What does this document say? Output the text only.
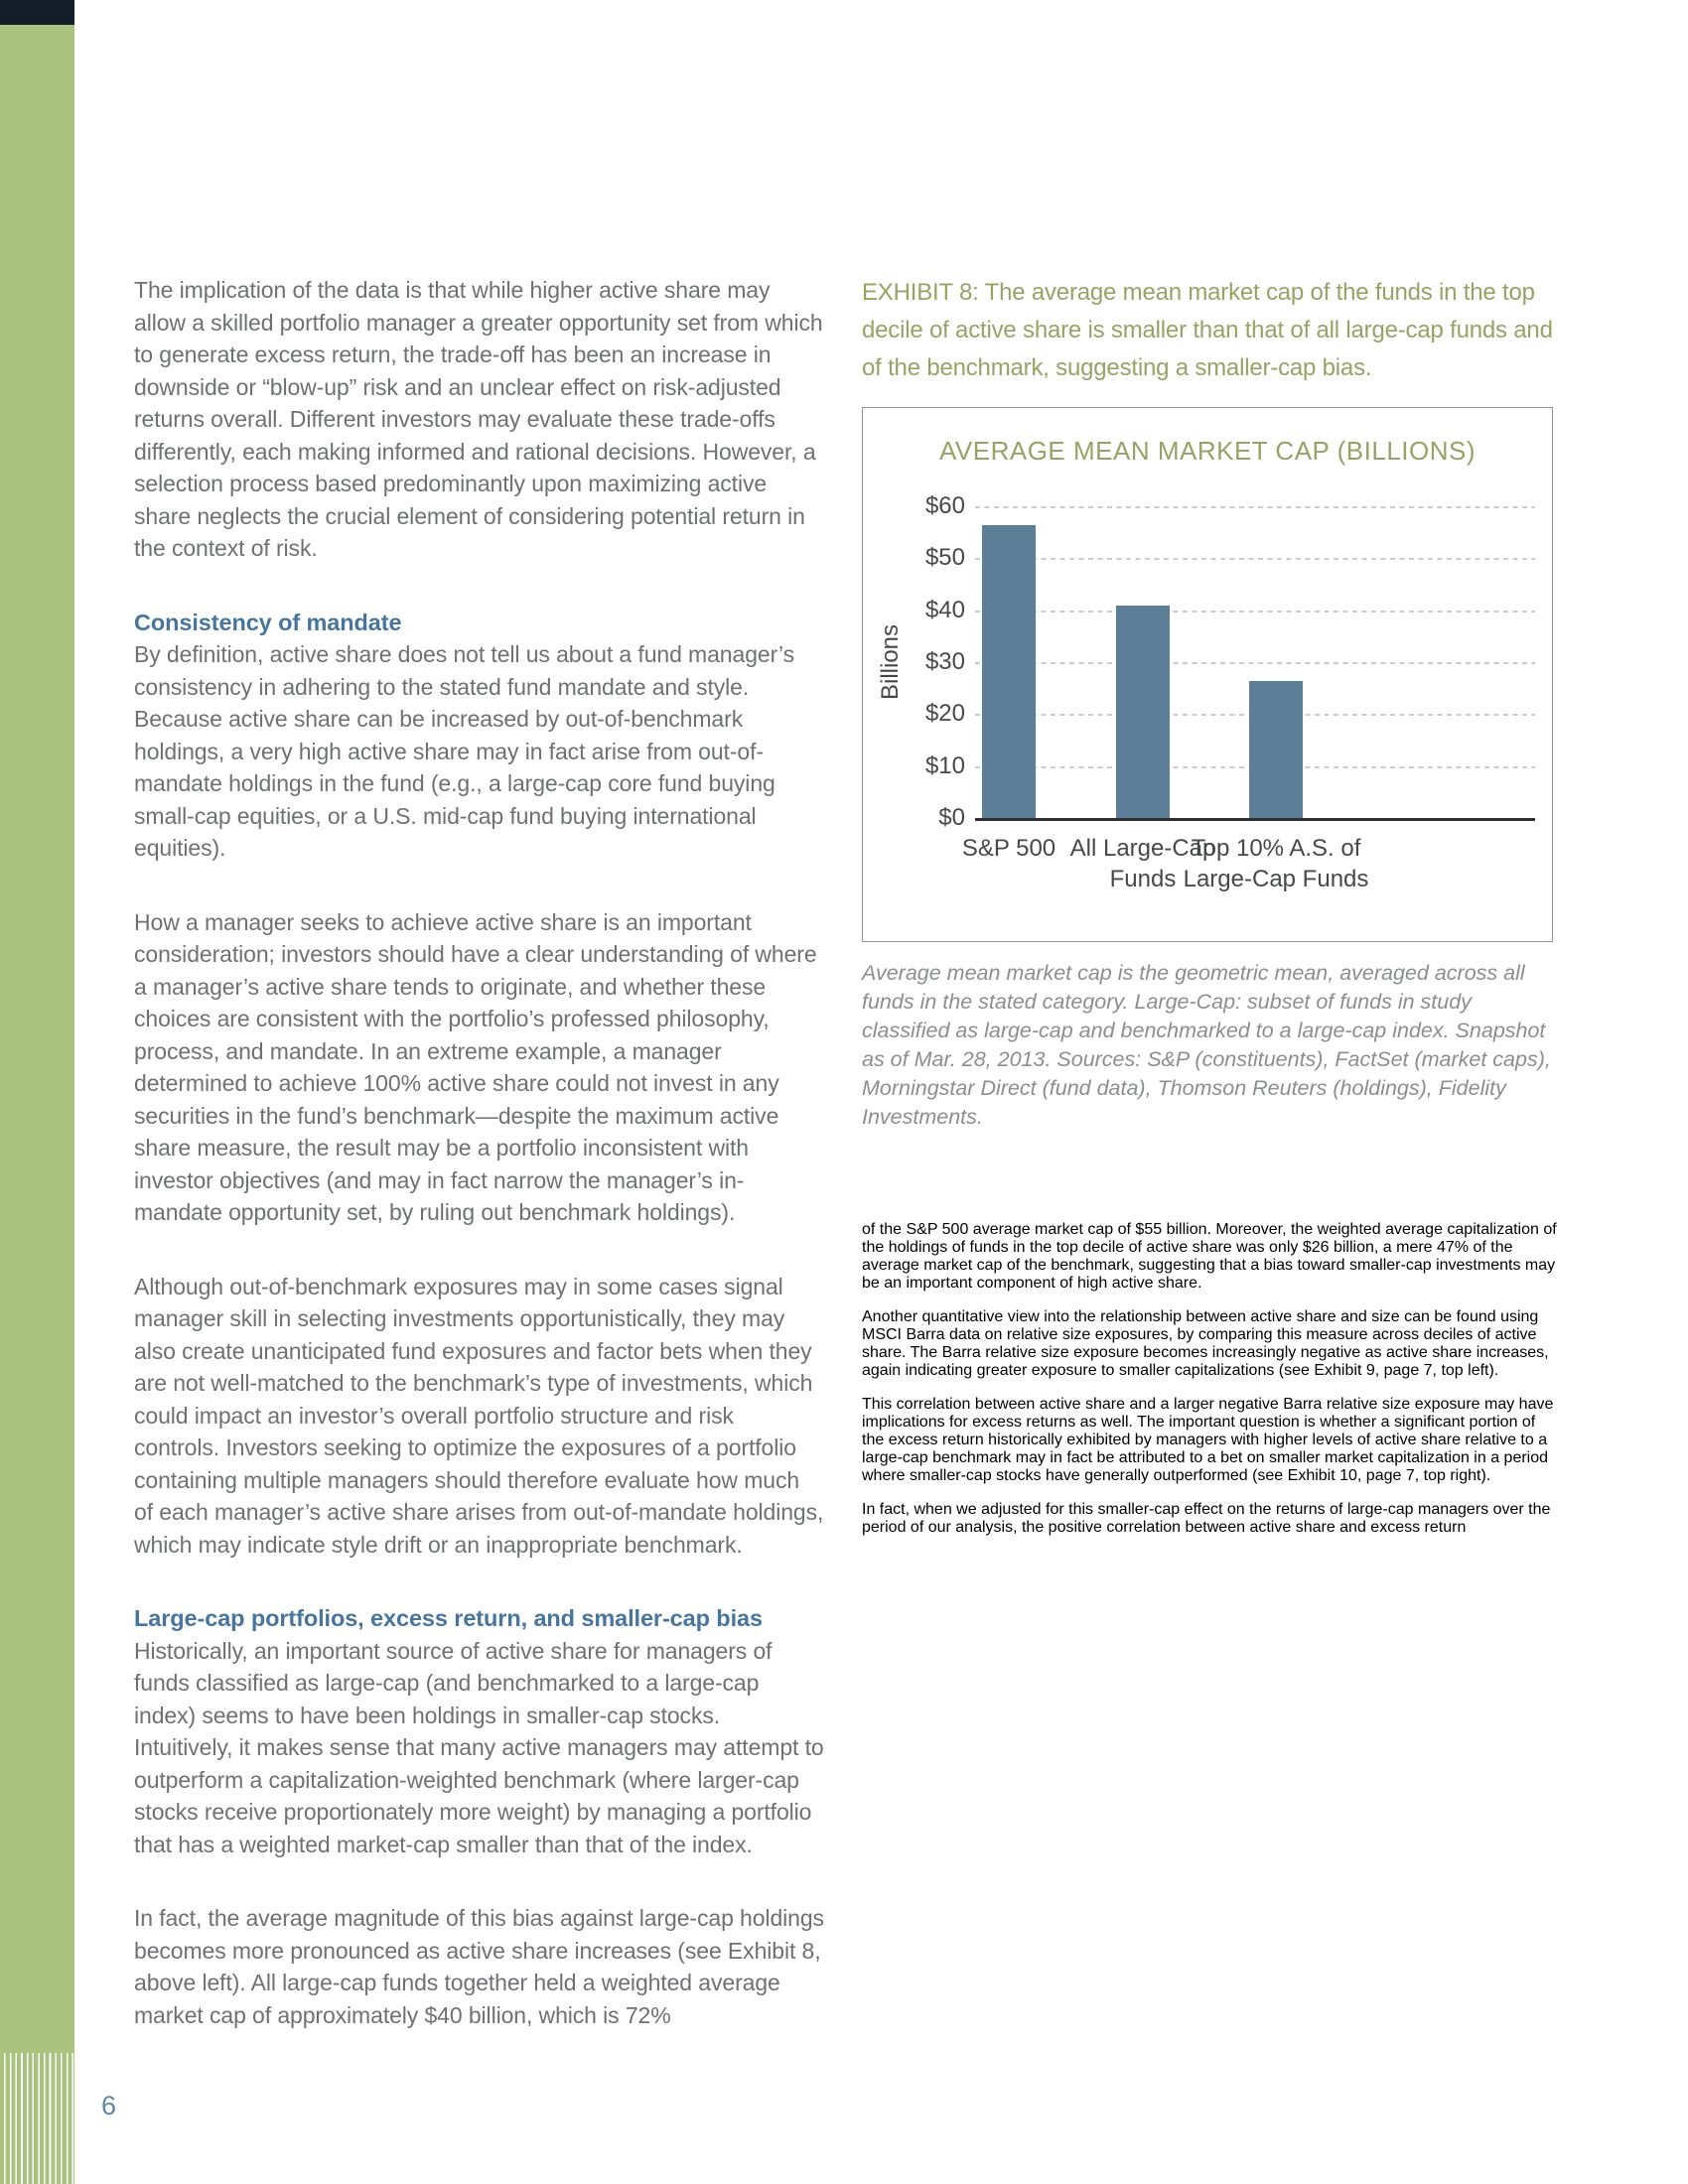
6

The implication of the data is that while higher active share may allow a skilled portfolio manager a greater opportunity set from which to generate excess return, the trade-off has been an increase in downside or “blow-up” risk and an unclear effect on risk-adjusted returns overall. Different investors may evaluate these trade-offs differently, each making informed and rational decisions. However, a selection process based predominantly upon maximizing active share neglects the crucial element of considering potential return in the context of risk.

Consistency of mandate

By definition, active share does not tell us about a fund manager’s consistency in adhering to the stated fund mandate and style. Because active share can be increased by out-of-benchmark holdings, a very high active share may in fact arise from out-of-mandate holdings in the fund (e.g., a large-cap core fund buying small-cap equities, or a U.S. mid-cap fund buying international equities).

How a manager seeks to achieve active share is an important consideration; investors should have a clear understanding of where a manager’s active share tends to originate, and whether these choices are consistent with the portfolio’s professed philosophy, process, and mandate. In an extreme example, a manager determined to achieve 100% active share could not invest in any securities in the fund’s benchmark—despite the maximum active share measure, the result may be a portfolio inconsistent with investor objectives (and may in fact narrow the manager’s in-mandate opportunity set, by ruling out benchmark holdings).

Although out-of-benchmark exposures may in some cases signal manager skill in selecting investments opportunistically, they may also create unanticipated fund exposures and factor bets when they are not well-matched to the benchmark’s type of investments, which could impact an investor’s overall portfolio structure and risk controls. Investors seeking to optimize the exposures of a portfolio containing multiple managers should therefore evaluate how much of each manager’s active share arises from out-of-mandate holdings, which may indicate style drift or an inappropriate benchmark.

Large-cap portfolios, excess return, and smaller-cap bias

Historically, an important source of active share for managers of funds classified as large-cap (and benchmarked to a large-cap index) seems to have been holdings in smaller-cap stocks. Intuitively, it makes sense that many active managers may attempt to outperform a capitalization-weighted benchmark (where larger-cap stocks receive proportionately more weight) by managing a portfolio that has a weighted market-cap smaller than that of the index.

In fact, the average magnitude of this bias against large-cap holdings becomes more pronounced as active share increases (see Exhibit 8, above left). All large-cap funds together held a weighted average market cap of approximately $40 billion, which is 72%

EXHIBIT 8: The average mean market cap of the funds in the top decile of active share is smaller than that of all large-cap funds and of the benchmark, suggesting a smaller-cap bias.
AVERAGE MEAN MARKET CAP (BILLIONS)
$0
$10
$20
$30
$40
$50
$60
Billions
S&P 500 All Large-Cap
Funds
Top 10% A.S. of
Large-Cap Funds
Average mean market cap is the geometric mean, averaged across all funds in the stated category. Large-Cap: subset of funds in study classified as large-cap and benchmarked to a large-cap index. Snapshot as of Mar. 28, 2013. Sources: S&P (constituents), FactSet (market caps), Morningstar Direct (fund data), Thomson Reuters (holdings), Fidelity Investments.

of the S&P 500 average market cap of $55 billion. Moreover, the weighted average capitalization of the holdings of funds in the top decile of active share was only $26 billion, a mere 47% of the average market cap of the benchmark, suggesting that a bias toward smaller-cap investments may be an important component of high active share.

Another quantitative view into the relationship between active share and size can be found using MSCI Barra data on relative size exposures, by comparing this measure across deciles of active share. The Barra relative size exposure becomes increasingly negative as active share increases, again indicating greater exposure to smaller capitalizations (see Exhibit 9, page 7, top left).

This correlation between active share and a larger negative Barra relative size exposure may have implications for excess returns as well. The important question is whether a significant portion of the excess return historically exhibited by managers with higher levels of active share relative to a large-cap benchmark may in fact be attributed to a bet on smaller market capitalization in a period where smaller-cap stocks have generally outperformed (see Exhibit 10, page 7, top right).

In fact, when we adjusted for this smaller-cap effect on the returns of large-cap managers over the period of our analysis, the positive correlation between active share and excess return
